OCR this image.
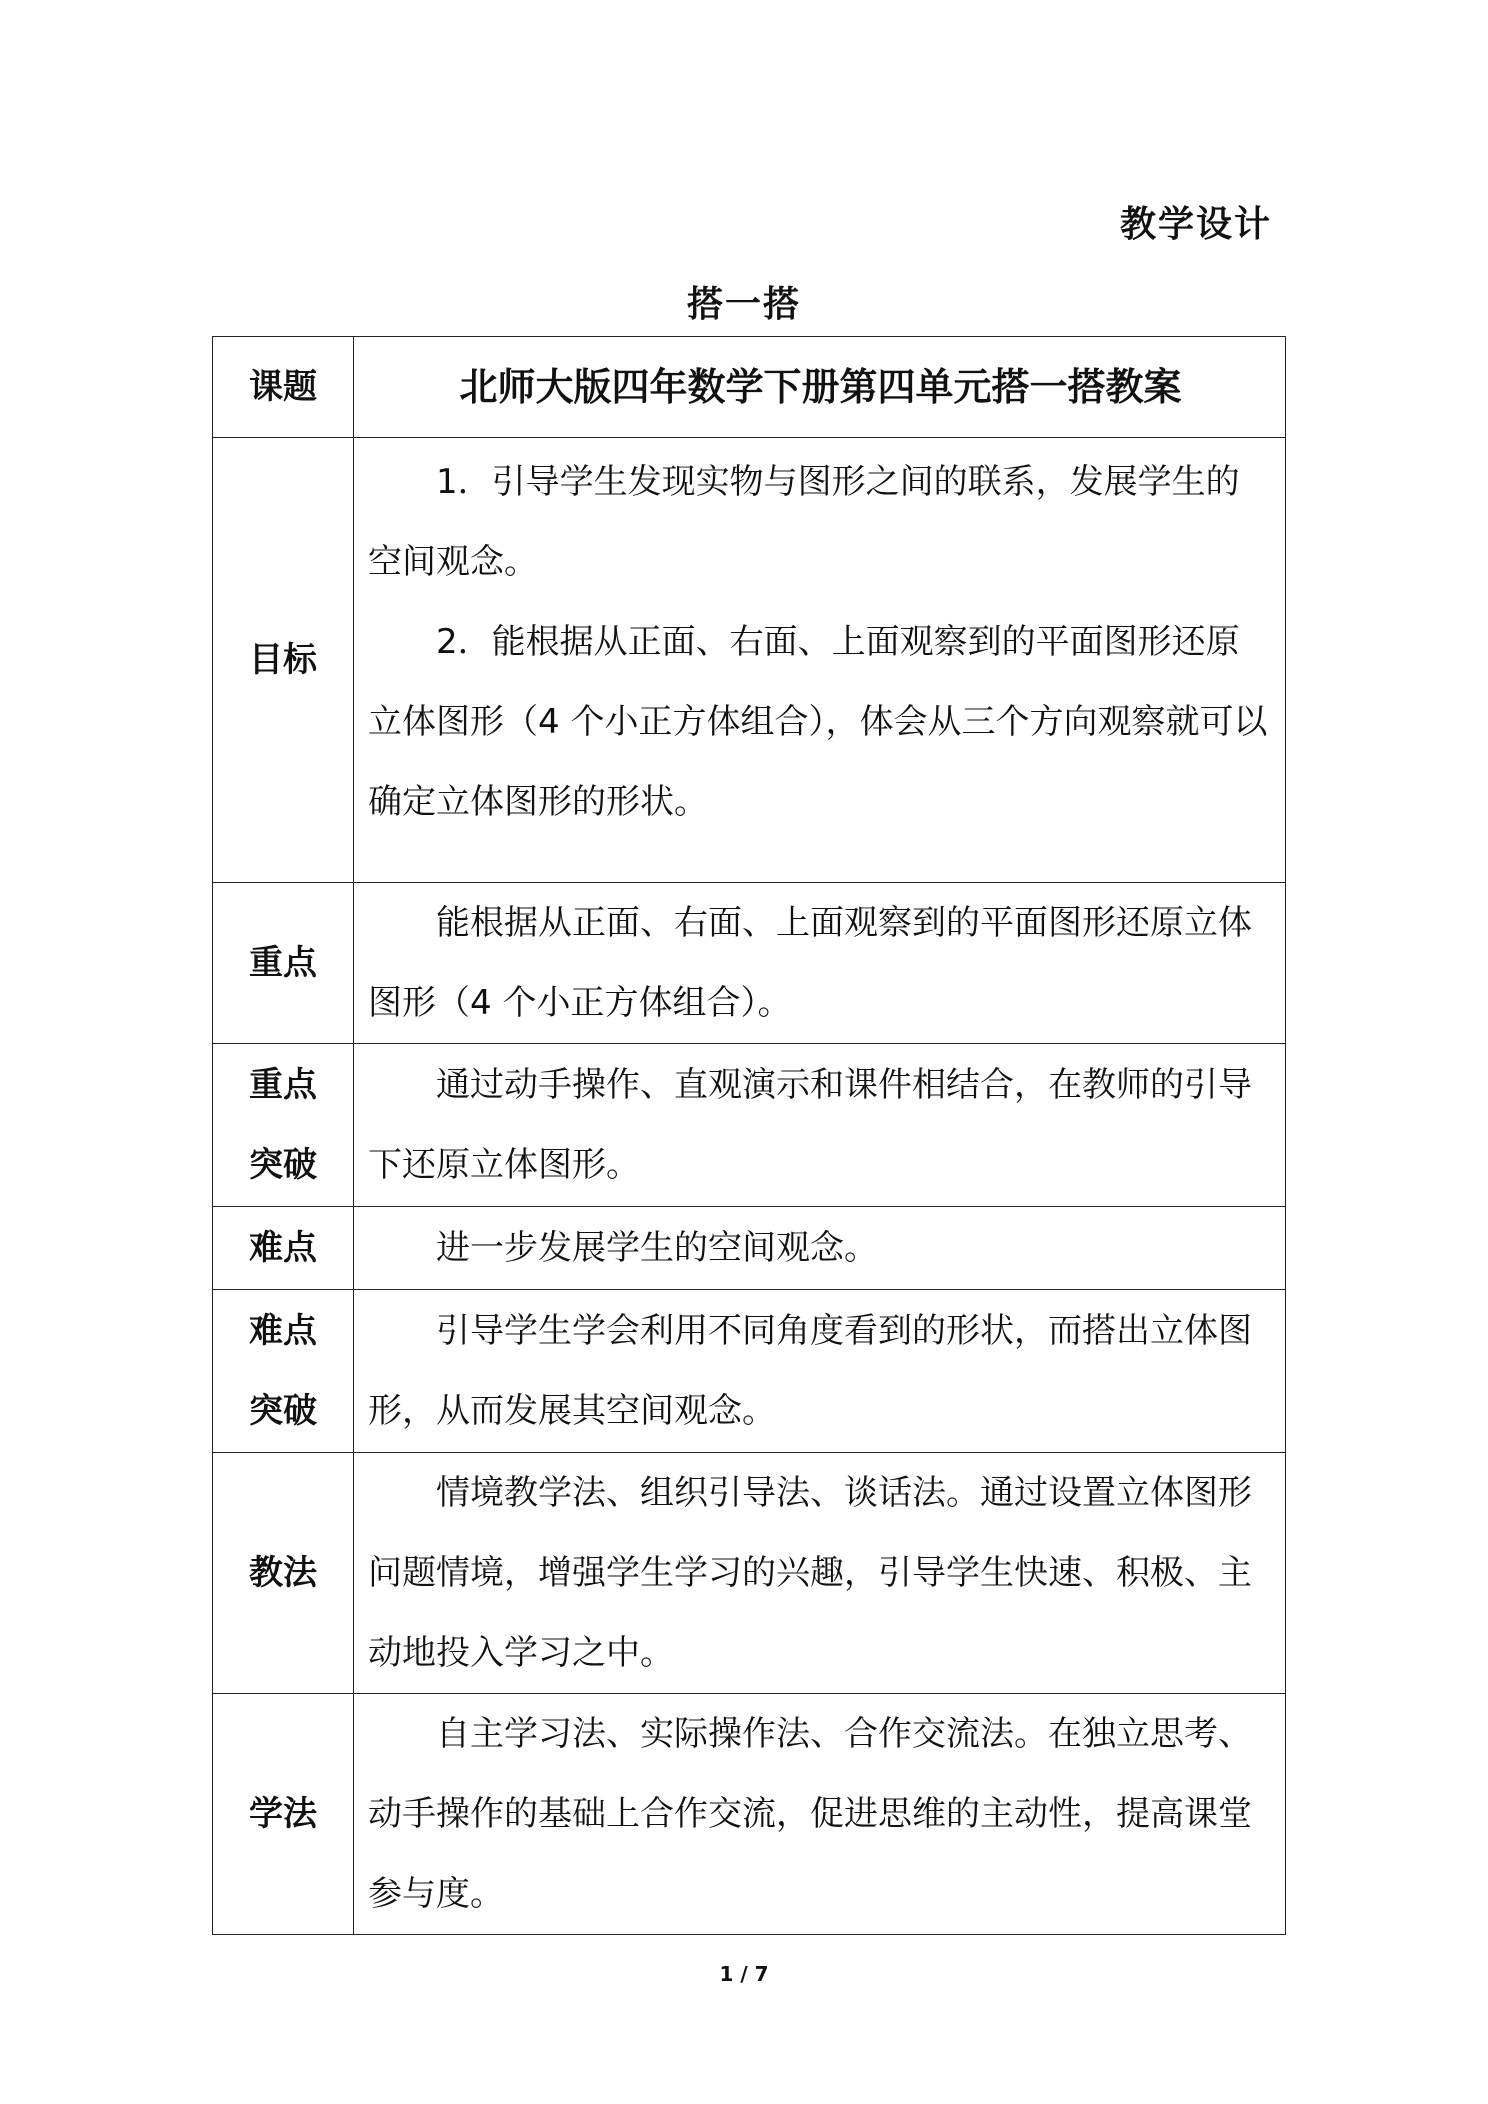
教学设计
搭一搭
课题	北师大版四年数学下册第四单元搭一搭教案
目标	1．引导学生发现实物与图形之间的联系，发展学生的空间观念。

2．能根据从正面、右面、上面观察到的平面图形还原立体图形（4 个小正方体组合），体会从三个方向观察就可以确定立体图形的形状。

重点	能根据从正面、右面、上面观察到的平面图形还原立体图形（4 个小正方体组合）。

重点
突破	通过动手操作、直观演示和课件相结合，在教师的引导下还原立体图形。

难点	进一步发展学生的空间观念。

难点
突破	引导学生学会利用不同角度看到的形状，而搭出立体图形，从而发展其空间观念。

教法	情境教学法、组织引导法、谈话法。通过设置立体图形问题情境，增强学生学习的兴趣，引导学生快速、积极、主动地投入学习之中。

学法	自主学习法、实际操作法、合作交流法。在独立思考、动手操作的基础上合作交流，促进思维的主动性，提高课堂参与度。

1 / 7
